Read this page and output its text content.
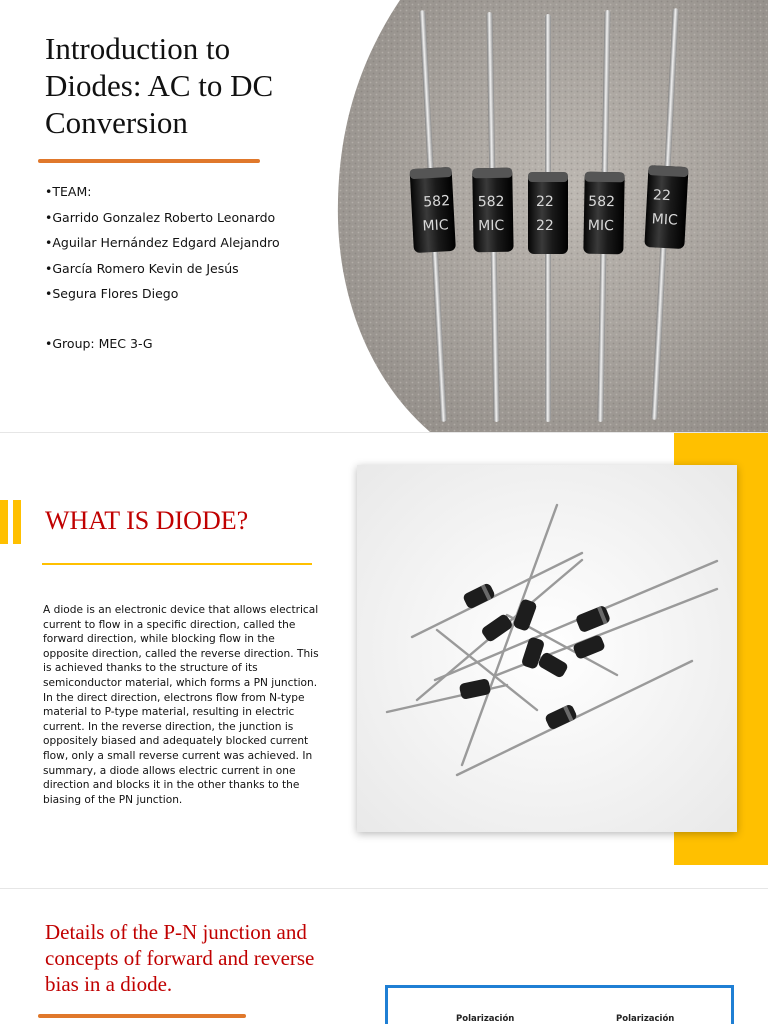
Introduction to
Diodes: AC to DC
Conversion
•TEAM:
•Garrido Gonzalez Roberto Leonardo
•Aguilar Hernández Edgard Alejandro
•García Romero Kevin de Jesús
•Segura Flores Diego
•Group: MEC 3-G
582
MIC
582
MIC
22
22
582
MIC
22
MIC
WHAT IS DIODE?
A diode is an electronic device that allows electrical current to flow in a specific direction, called the forward direction, while blocking flow in the opposite direction, called the reverse direction. This is achieved thanks to the structure of its semiconductor material, which forms a PN junction. In the direct direction, electrons flow from N-type material to P-type material, resulting in electric current. In the reverse direction, the junction is oppositely biased and adequately blocked current flow, only a small reverse current was achieved. In summary, a diode allows electric current in one direction and blocks it in the other thanks to the biasing of the PN junction.
Details of the P-N junction and concepts of forward and reverse bias in a diode.
Polarización	Polarización
